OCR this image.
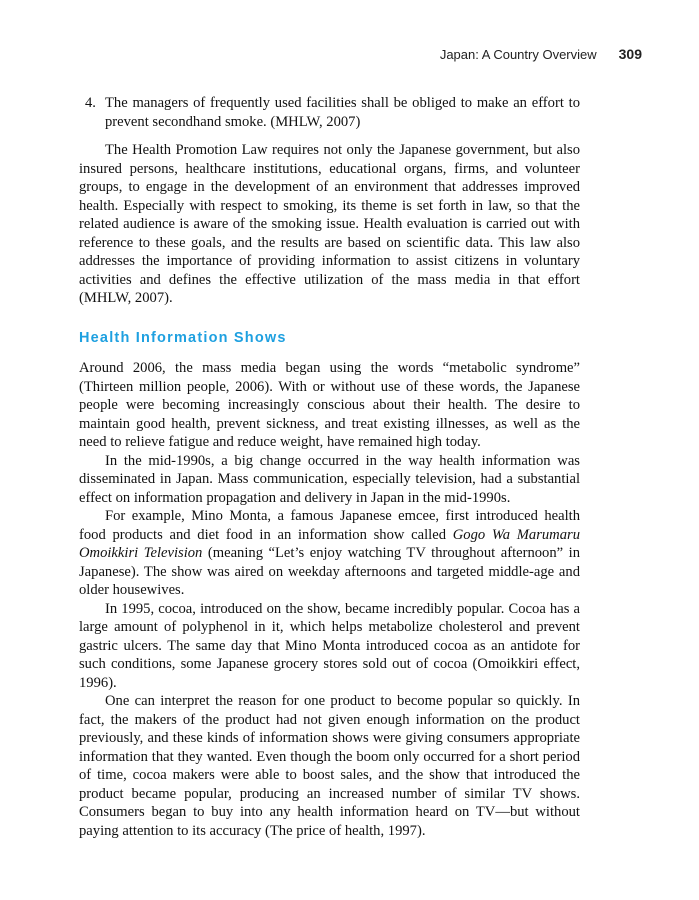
Japan: A Country Overview 309
4. The managers of frequently used facilities shall be obliged to make an effort to prevent secondhand smoke. (MHLW, 2007)

The Health Promotion Law requires not only the Japanese government, but also insured persons, healthcare institutions, educational organs, firms, and volunteer groups, to engage in the development of an environment that addresses improved health. Especially with respect to smoking, its theme is set forth in law, so that the related audience is aware of the smoking issue. Health evaluation is carried out with reference to these goals, and the results are based on scientific data. This law also addresses the importance of providing information to assist citizens in voluntary activities and defines the effective utilization of the mass media in that effort (MHLW, 2007).

Health Information Shows

Around 2006, the mass media began using the words “metabolic syndrome” (Thirteen million people, 2006). With or without use of these words, the Japanese people were becoming increasingly conscious about their health. The desire to maintain good health, prevent sickness, and treat existing illnesses, as well as the need to relieve fatigue and reduce weight, have remained high today.

In the mid-1990s, a big change occurred in the way health information was disseminated in Japan. Mass communication, especially television, had a substantial effect on information propagation and delivery in Japan in the mid-1990s.

For example, Mino Monta, a famous Japanese emcee, first introduced health food products and diet food in an information show called Gogo Wa Marumaru Omoikkiri Television (meaning “Let’s enjoy watching TV throughout afternoon” in Japanese). The show was aired on weekday afternoons and targeted middle-age and older housewives.

In 1995, cocoa, introduced on the show, became incredibly popular. Cocoa has a large amount of polyphenol in it, which helps metabolize cholesterol and prevent gastric ulcers. The same day that Mino Monta introduced cocoa as an antidote for such conditions, some Japanese grocery stores sold out of cocoa (Omoikkiri effect, 1996).

One can interpret the reason for one product to become popular so quickly. In fact, the makers of the product had not given enough information on the product previously, and these kinds of information shows were giving consumers appropriate information that they wanted. Even though the boom only occurred for a short period of time, cocoa makers were able to boost sales, and the show that introduced the product became popular, producing an increased number of similar TV shows. Consumers began to buy into any health information heard on TV—but without paying attention to its accuracy (The price of health, 1997).
